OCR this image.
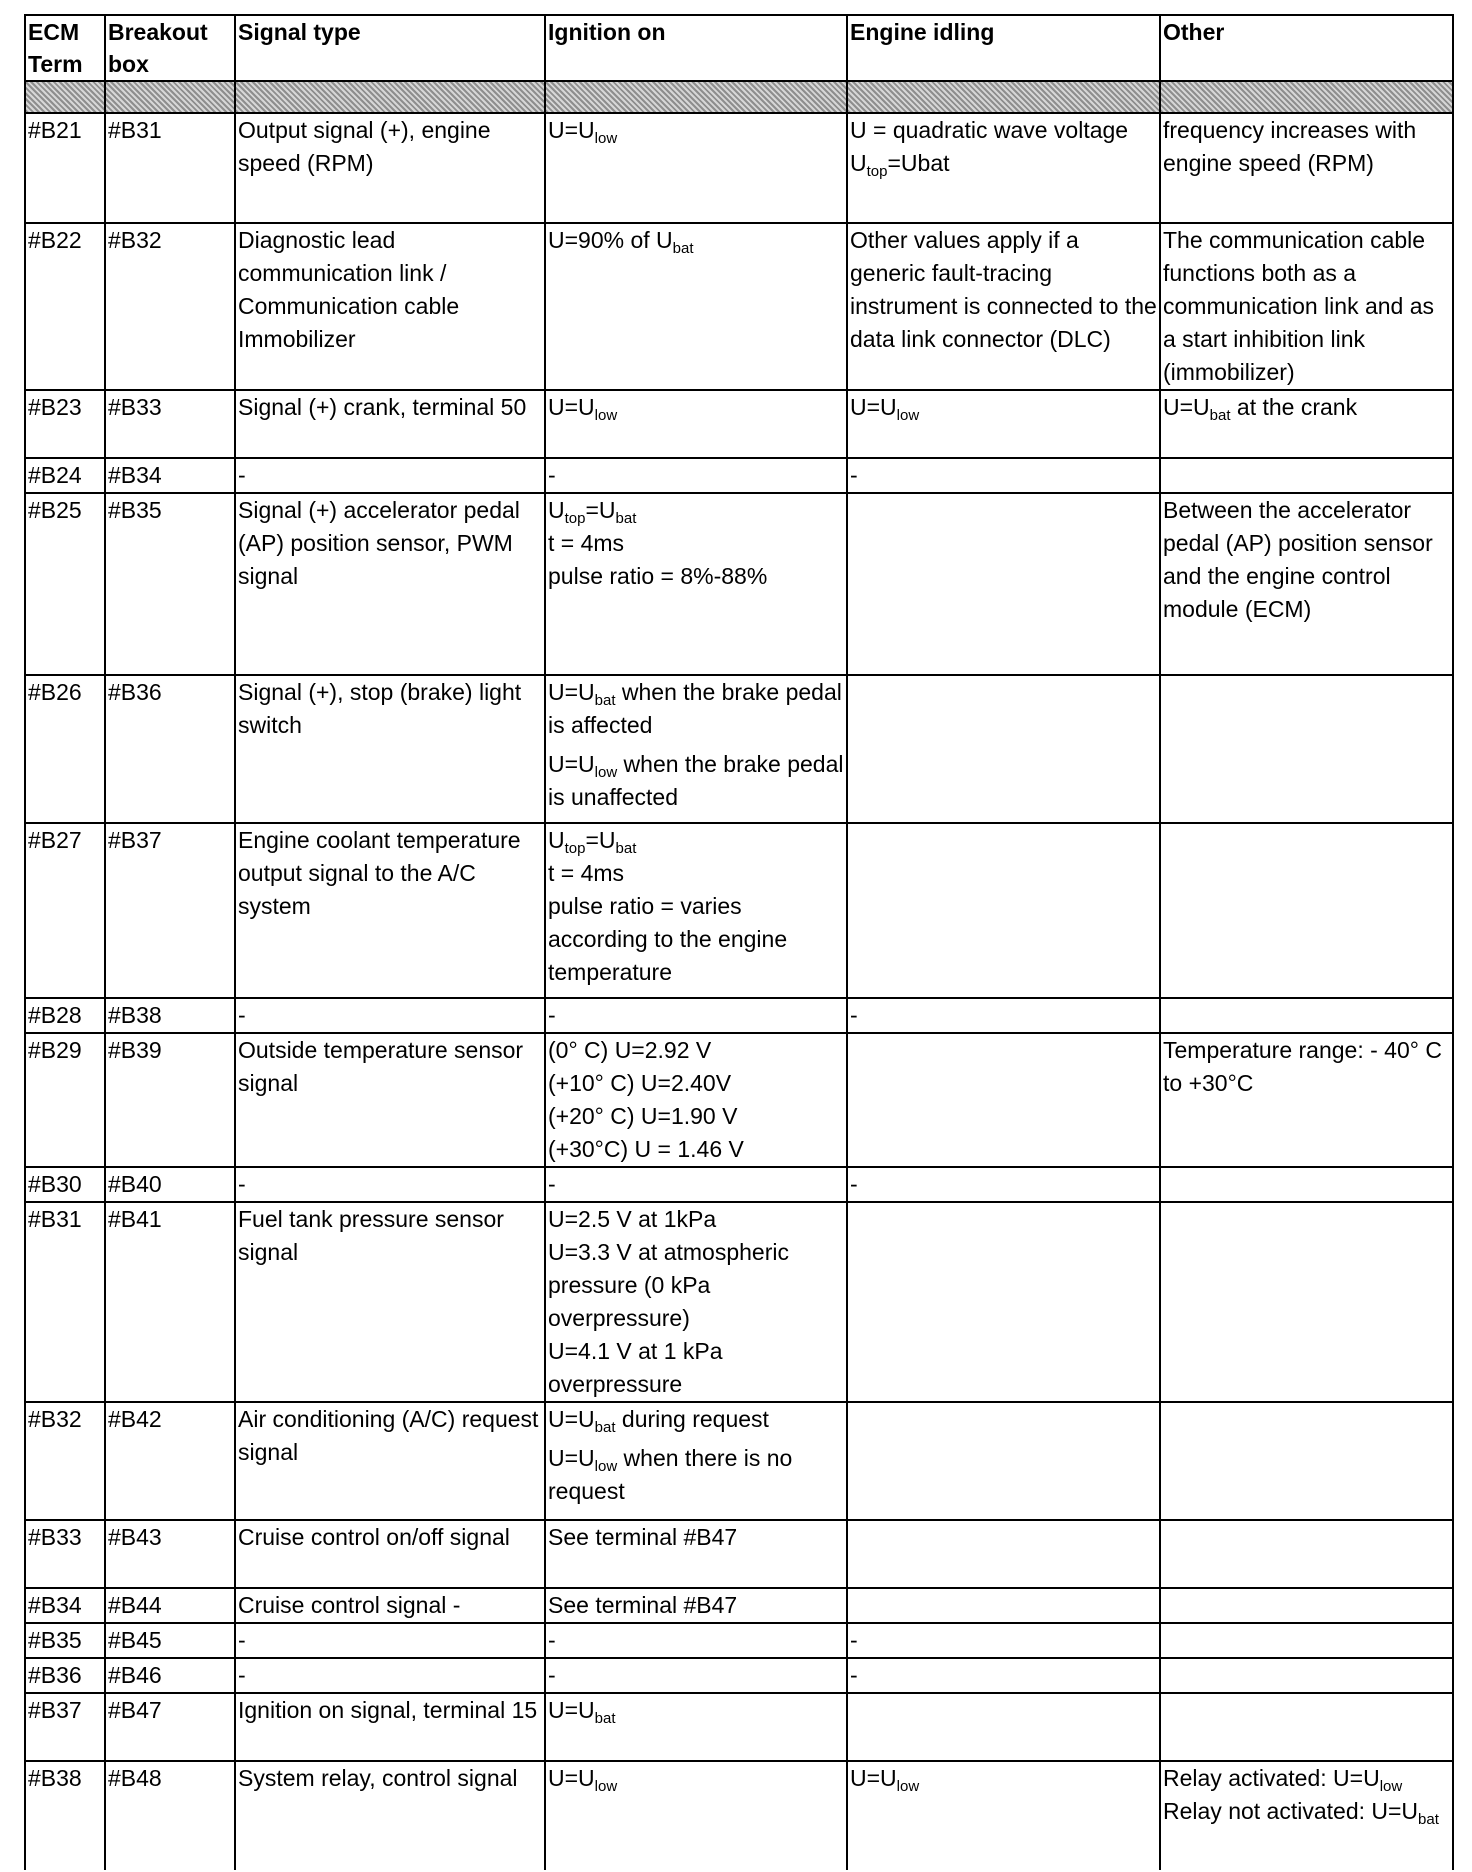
ECM Term	Breakout box	Signal type	Ignition on	Engine idling	Other

#B21	#B31	Output signal (+), engine speed (RPM)	$U=U_{low}$	U = quadratic wave voltage
$U_{top}=Ubat$	frequency increases with engine speed (RPM)

#B22	#B32	Diagnostic lead communication link / Communication cable Immobilizer	U=90% of $U_{bat}$	Other values apply if a generic fault-tracing instrument is connected to the data link connector (DLC)	The communication cable functions both as a communication link and as a start inhibition link (immobilizer)

#B23	#B33	Signal (+) crank, terminal 50	$U=U_{low}$	$U=U_{low}$	$U=U_{bat}$ at the crank

#B24	#B34	-	-	-	

#B25	#B35	Signal (+) accelerator pedal (AP) position sensor, PWM signal	$U_{top}=U_{bat}$
t = 4ms
pulse ratio = 8%-88%		Between the accelerator pedal (AP) position sensor and the engine control module (ECM)

#B26	#B36	Signal (+), stop (brake) light switch	$U=U_{bat}$ when the brake pedal is affected
$U=U_{low}$ when the brake pedal is unaffected		

#B27	#B37	Engine coolant temperature output signal to the A/C system	$U_{top}=U_{bat}$
t = 4ms
pulse ratio = varies according to the engine temperature		

#B28	#B38	-	-	-	

#B29	#B39	Outside temperature sensor signal	(0° C) U=2.92 V
(+10° C) U=2.40V
(+20° C) U=1.90 V
(+30°C) U = 1.46 V		Temperature range: - 40° C to +30°C

#B30	#B40	-	-	-	

#B31	#B41	Fuel tank pressure sensor signal	U=2.5 V at 1kPa
U=3.3 V at atmospheric pressure (0 kPa overpressure)
U=4.1 V at 1 kPa overpressure		

#B32	#B42	Air conditioning (A/C) request signal	$U=U_{bat}$ during request
$U=U_{low}$ when there is no request		

#B33	#B43	Cruise control on/off signal	See terminal #B47		

#B34	#B44	Cruise control signal -	See terminal #B47		

#B35	#B45	-	-	-	

#B36	#B46	-	-	-	

#B37	#B47	Ignition on signal, terminal 15	$U=U_{bat}$

#B38	#B48	System relay, control signal	$U=U_{low}$	$U=U_{low}$	Relay activated: $U=U_{low}$
Relay not activated: $U=U_{bat}$
